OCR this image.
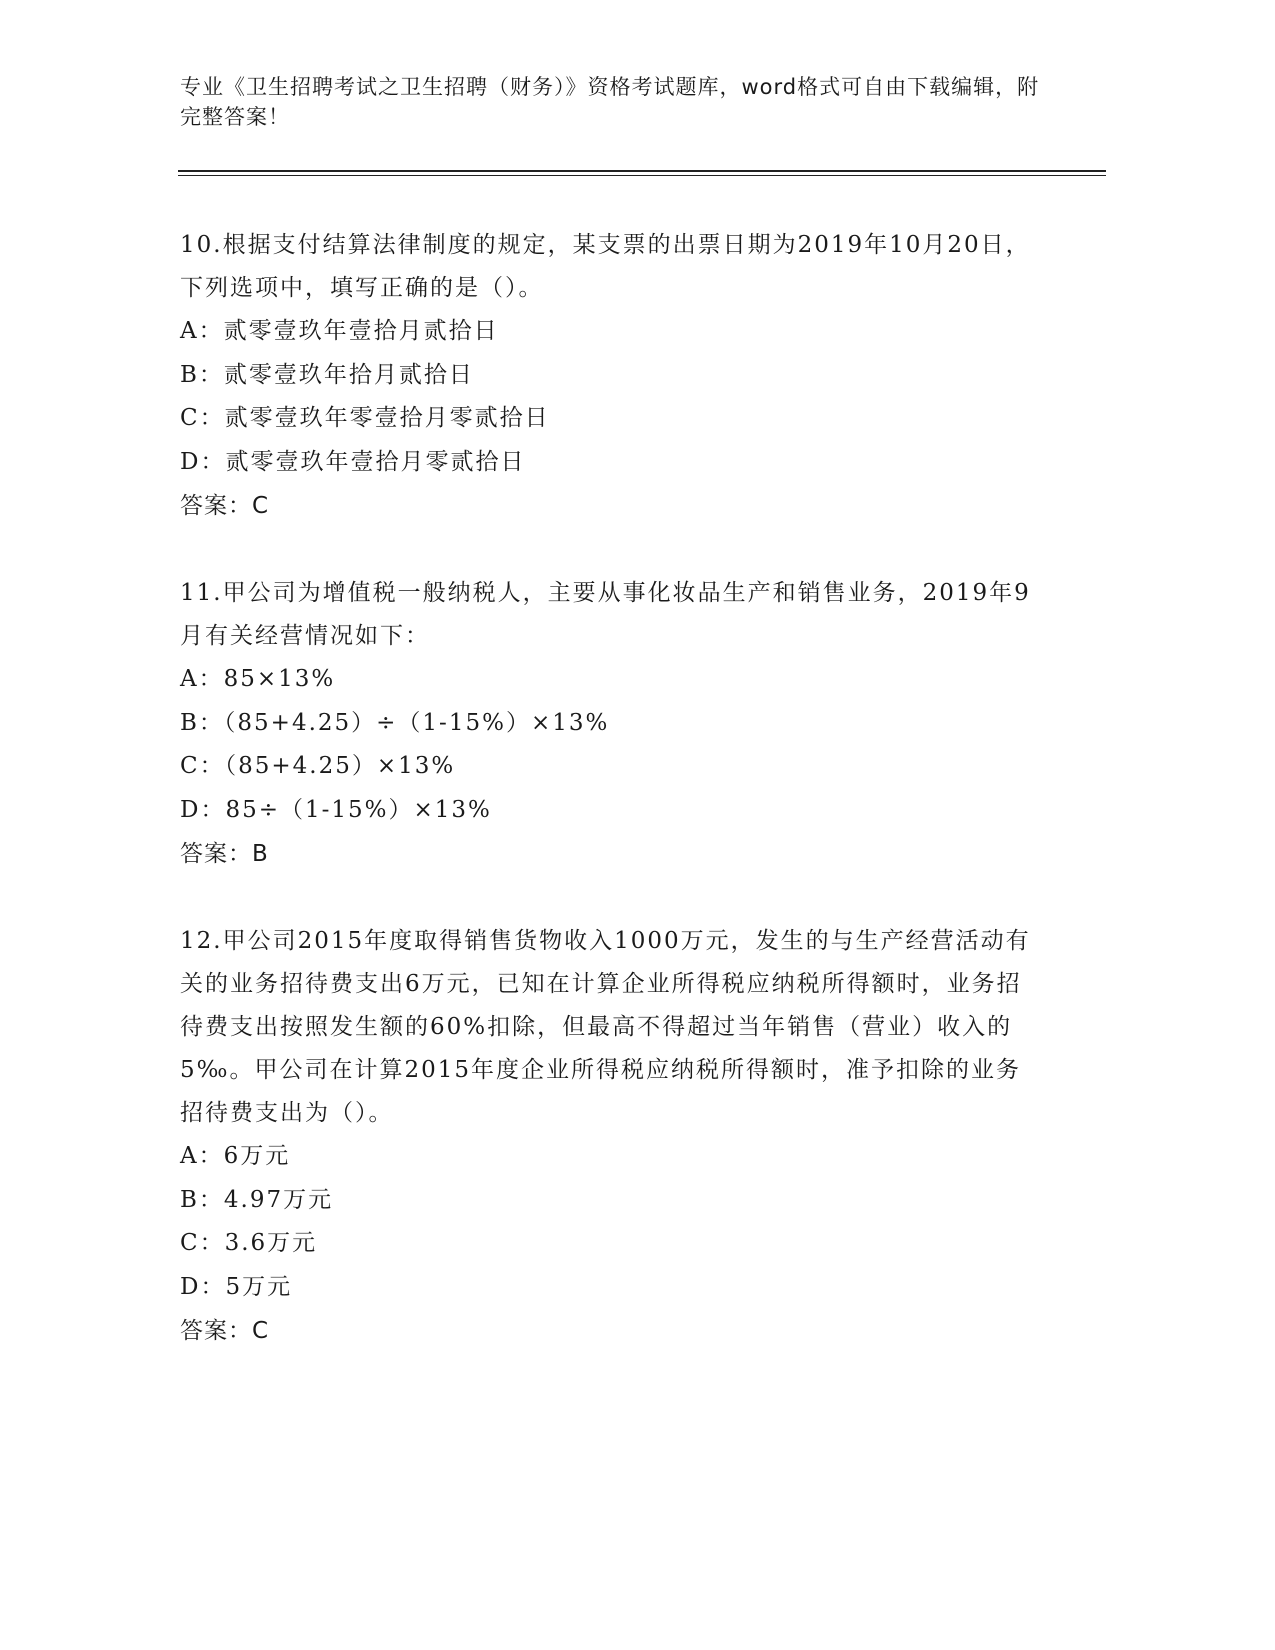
专业《卫生招聘考试之卫生招聘（财务）》资格考试题库，word格式可自由下载编辑，附完整答案！
10.根据支付结算法律制度的规定，某支票的出票日期为2019年10月20日，下列选项中，填写正确的是（）。
A：贰零壹玖年壹拾月贰拾日
B：贰零壹玖年拾月贰拾日
C：贰零壹玖年零壹拾月零贰拾日
D：贰零壹玖年壹拾月零贰拾日
答案：C
11.甲公司为增值税一般纳税人，主要从事化妆品生产和销售业务，2019年9月有关经营情况如下：
A：85×13%
B：（85+4.25）÷（1-15%）×13%
C：（85+4.25）×13%
D：85÷（1-15%）×13%
答案：B
12.甲公司2015年度取得销售货物收入1000万元，发生的与生产经营活动有关的业务招待费支出6万元，已知在计算企业所得税应纳税所得额时，业务招待费支出按照发生额的60%扣除，但最高不得超过当年销售（营业）收入的5‰。甲公司在计算2015年度企业所得税应纳税所得额时，准予扣除的业务招待费支出为（）。
A：6万元
B：4.97万元
C：3.6万元
D：5万元
答案：C
